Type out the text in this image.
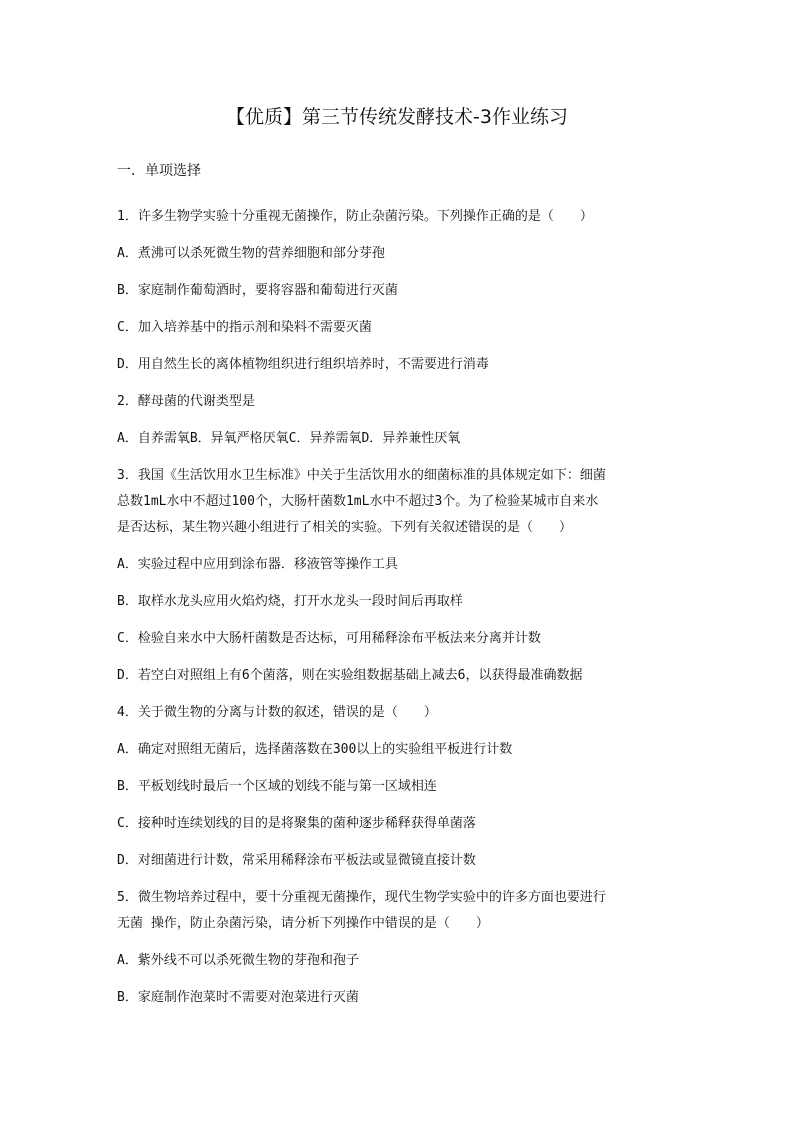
【优质】第三节传统发酵技术-3作业练习
一．单项选择

1．许多生物学实验十分重视无菌操作，防止杂菌污染。下列操作正确的是（　　）

A．煮沸可以杀死微生物的营养细胞和部分芽孢

B．家庭制作葡萄酒时，要将容器和葡萄进行灭菌

C．加入培养基中的指示剂和染料不需要灭菌

D．用自然生长的离体植物组织进行组织培养时，不需要进行消毒

2．酵母菌的代谢类型是

A．自养需氧B．异氧严格厌氧C．异养需氧D．异养兼性厌氧

3．我国《生活饮用水卫生标准》中关于生活饮用水的细菌标准的具体规定如下：细菌

总数1mL水中不超过100个，大肠杆菌数1mL水中不超过3个。为了检验某城市自来水

是否达标，某生物兴趣小组进行了相关的实验。下列有关叙述错误的是（　　）

A．实验过程中应用到涂布器．移液管等操作工具

B．取样水龙头应用火焰灼烧，打开水龙头一段时间后再取样

C．检验自来水中大肠杆菌数是否达标，可用稀释涂布平板法来分离并计数

D．若空白对照组上有6个菌落，则在实验组数据基础上减去6，以获得最准确数据

4．关于微生物的分离与计数的叙述，错误的是（　　）

A．确定对照组无菌后，选择菌落数在300以上的实验组平板进行计数

B．平板划线时最后一个区域的划线不能与第一区域相连

C．接种时连续划线的目的是将聚集的菌种逐步稀释获得单菌落

D．对细菌进行计数，常采用稀释涂布平板法或显微镜直接计数

5．微生物培养过程中，要十分重视无菌操作，现代生物学实验中的许多方面也要进行

无菌 操作，防止杂菌污染，请分析下列操作中错误的是（　　）

A．紫外线不可以杀死微生物的芽孢和孢子

B．家庭制作泡菜时不需要对泡菜进行灭菌
